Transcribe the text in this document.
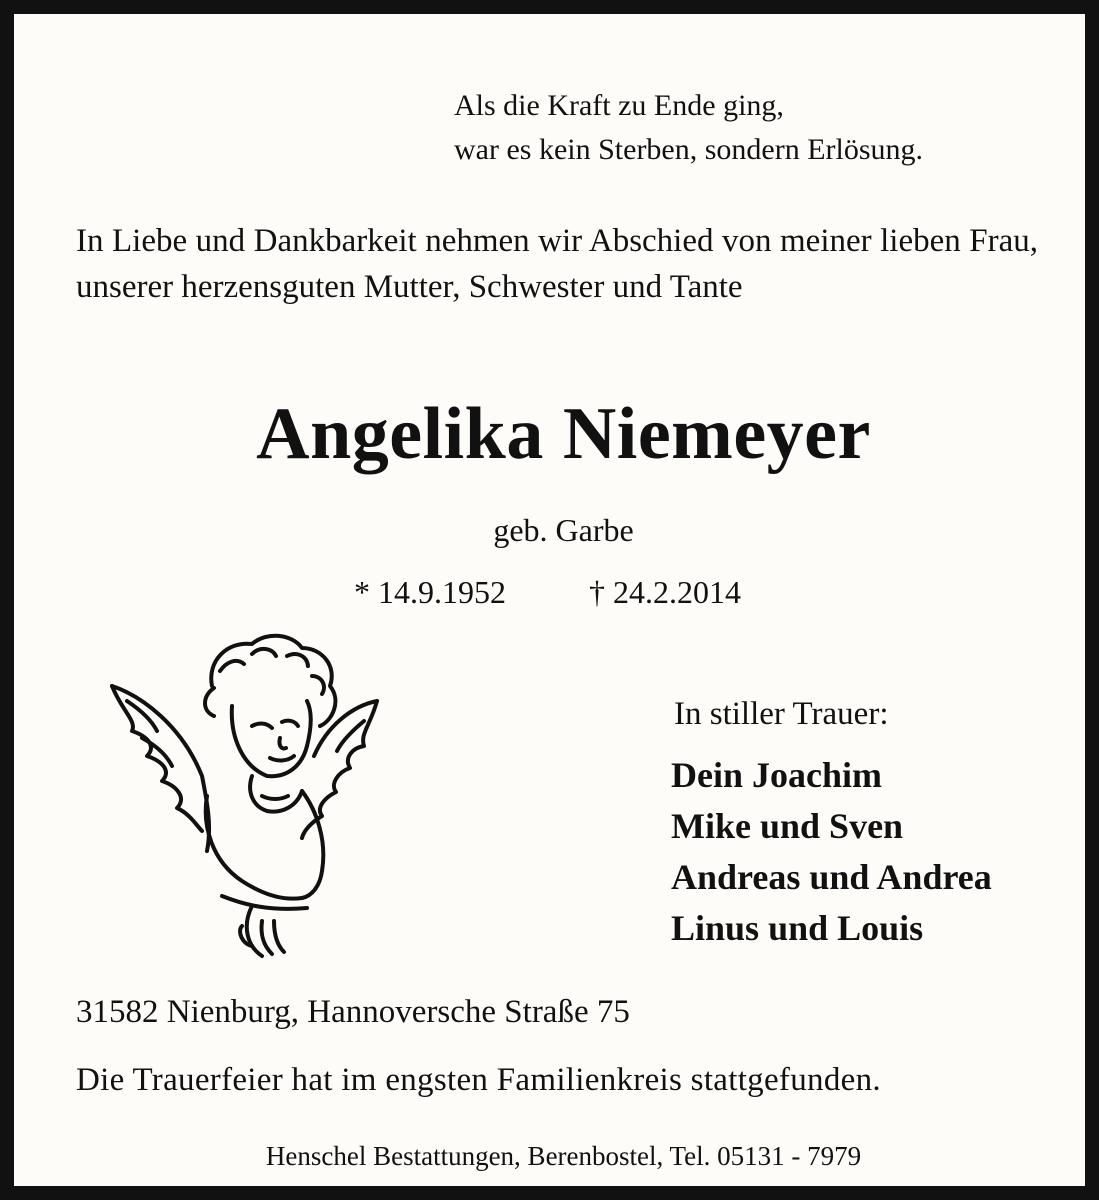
Als die Kraft zu Ende ging,
war es kein Sterben, sondern Erlösung.
In Liebe und Dankbarkeit nehmen wir Abschied von meiner lieben Frau, unserer herzensguten Mutter, Schwester und Tante
Angelika Niemeyer
geb. Garbe
* 14.9.1952	† 24.2.2014
In stiller Trauer:
Dein Joachim
Mike und Sven
Andreas und Andrea
Linus und Louis
31582 Nienburg, Hannoversche Straße 75
Die Trauerfeier hat im engsten Familienkreis stattgefunden.
Henschel Bestattungen, Berenbostel, Tel. 05131 - 7979
